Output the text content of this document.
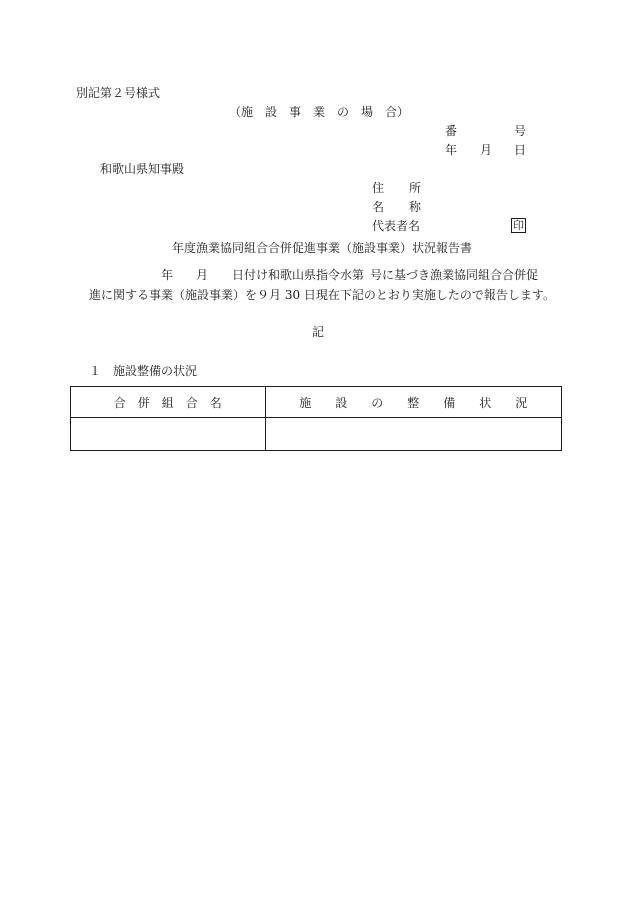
別記第２号様式
（施　設　事　業　の　場　合）
番	号
年 月 日
和歌山県知事殿
住 所
名 称
代表者名	印
年度漁業協同組合合併促進事業（施設事業）状況報告書
年 月 日付け和歌山県指令水第 号に基づき漁業協同組合合併促
進に関する事業（施設事業）を９月 30 日現在下記のとおり実施したので報告します。
記
１　施設整備の状況
合　併　組　合　名	施　　設　　の　　整　　備　　状　　況
